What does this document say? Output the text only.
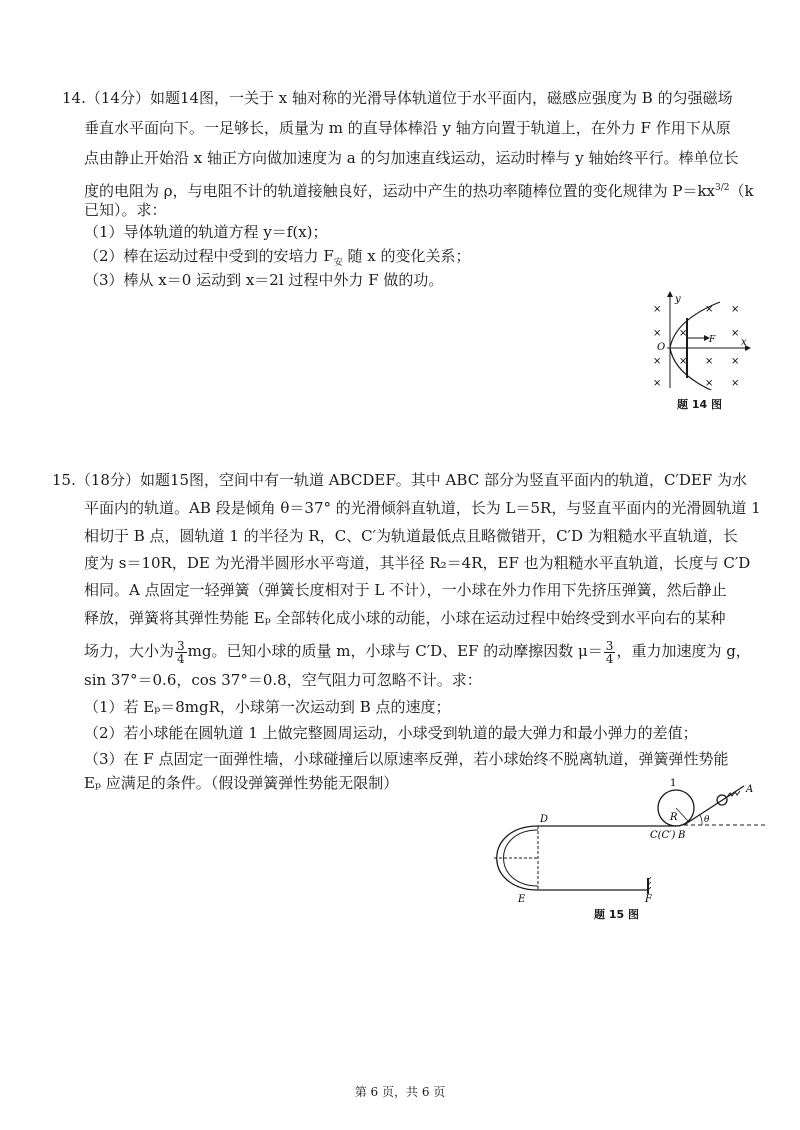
14.（14分）如题14图，一关于 x 轴对称的光滑导体轨道位于水平面内，磁感应强度为 B 的匀强磁场
垂直水平面向下。一足够长，质量为 m 的直导体棒沿 y 轴方向置于轨道上，在外力 F 作用下从原
点由静止开始沿 x 轴正方向做加速度为 a 的匀加速直线运动，运动时棒与 y 轴始终平行。棒单位长
度的电阻为 ρ，与电阻不计的轨道接触良好，运动中产生的热功率随棒位置的变化规律为 $P=kx^{3/2}(k$
已知）。求：
（1）导体轨道的轨道方程 y＝f(x)；
（2）棒在运动过程中受到的安培力 $F_安$ 随 x 的变化关系；
（3）棒从 x＝0 运动到 x＝2l 过程中外力 F 做的功。
y
x
O
F
×
×
×
×
×
×
×
×
×
×
×
×
×
题 14 图
15.（18分）如题15图，空间中有一轨道 ABCDEF。其中 ABC 部分为竖直平面内的轨道，C′DEF 为水
平面内的轨道。AB 段是倾角 θ＝37° 的光滑倾斜直轨道，长为 L＝5R，与竖直平面内的光滑圆轨道 1
相切于 B 点，圆轨道 1 的半径为 R，C、C′为轨道最低点且略微错开，C′D 为粗糙水平直轨道，长
度为 s＝10R，DE 为光滑半圆形水平弯道，其半径 R₂＝4R，EF 也为粗糙水平直轨道，长度与 C′D
相同。A 点固定一轻弹簧（弹簧长度相对于 L 不计），一小球在外力作用下先挤压弹簧，然后静止
释放，弹簧将其弹性势能 Eₚ 全部转化成小球的动能，小球在运动过程中始终受到水平向右的某种
场力，大小为 $\frac{3}{4}$ mg。已知小球的质量 m，小球与 C′D、EF 的动摩擦因数 $\mu= \frac{3}{4}$ ，重力加速度为 g，
sin 37°＝0.6，cos 37°＝0.8，空气阻力可忽略不计。求：
（1）若 Eₚ＝8mgR，小球第一次运动到 B 点的速度；
（2）若小球能在圆轨道 1 上做完整圆周运动，小球受到轨道的最大弹力和最小弹力的差值；
（3）在 F 点固定一面弹性墙，小球碰撞后以原速率反弹，若小球始终不脱离轨道，弹簧弹性势能
Eₚ 应满足的条件。（假设弹簧弹性势能无限制）
D
E	F
C(C′) B
1
R	θ
A
题 15 图
第 6 页，共 6 页
